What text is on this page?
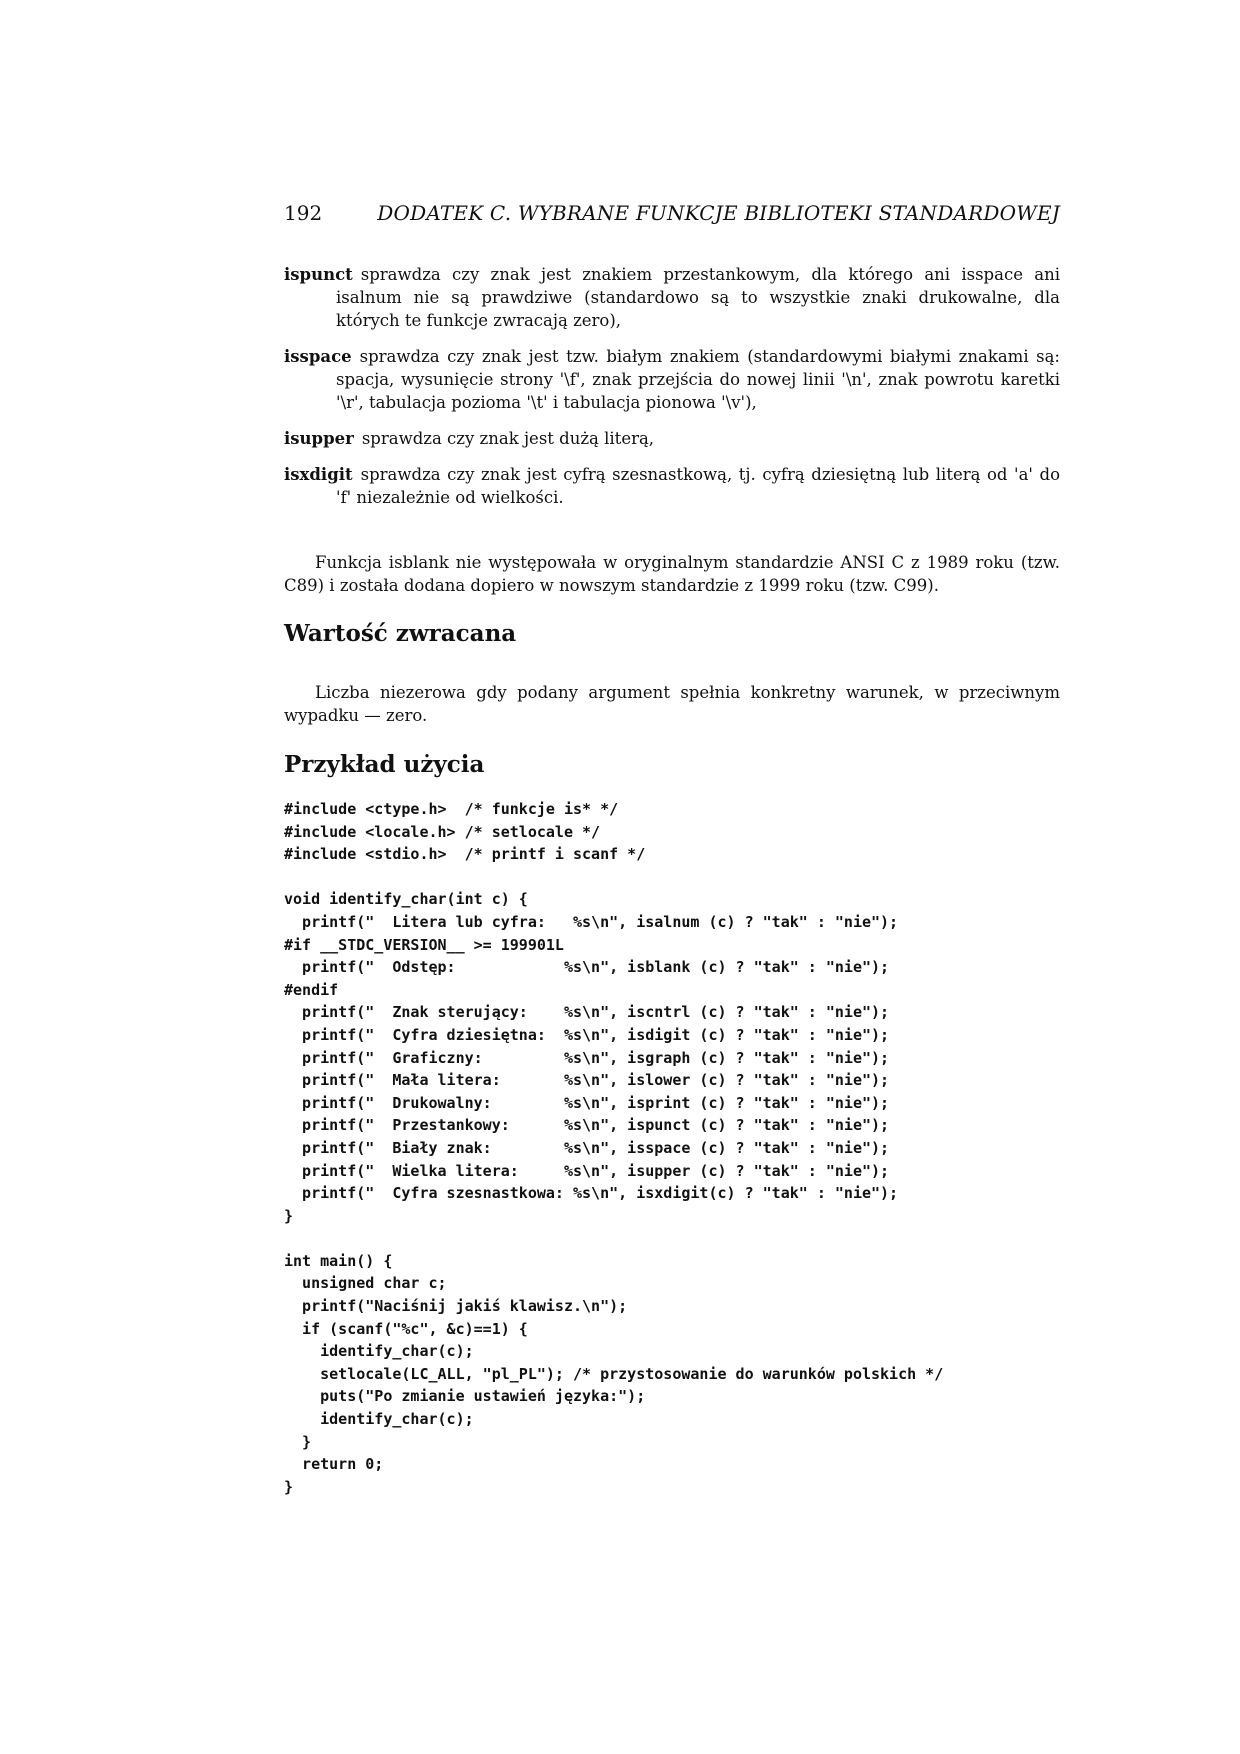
192	DODATEK C. WYBRANE FUNKCJE BIBLIOTEKI STANDARDOWEJ

ispunct sprawdza czy znak jest znakiem przestankowym, dla którego ani isspace ani isalnum nie są prawdziwe (standardowo są to wszystkie znaki drukowalne, dla których te funkcje zwracają zero),

isspace sprawdza czy znak jest tzw. białym znakiem (standardowymi białymi znakami są: spacja, wysunięcie strony '\f', znak przejścia do nowej linii '\n', znak powrotu karetki '\r', tabulacja pozioma '\t' i tabulacja pionowa '\v'),

isupper sprawdza czy znak jest dużą literą,

isxdigit sprawdza czy znak jest cyfrą szesnastkową, tj. cyfrą dziesiętną lub literą od 'a' do 'f' niezależnie od wielkości.

Funkcja isblank nie występowała w oryginalnym standardzie ANSI C z 1989 roku (tzw. C89) i została dodana dopiero w nowszym standardzie z 1999 roku (tzw. C99).

Wartość zwracana

Liczba niezerowa gdy podany argument spełnia konkretny warunek, w przeciwnym wypadku — zero.

Przykład użycia
#include <ctype.h>  /* funkcje is* */
#include <locale.h> /* setlocale */
#include <stdio.h>  /* printf i scanf */

void identify_char(int c) {
printf("  Litera lub cyfra:   %s\n", isalnum (c) ? "tak" : "nie");
#if __STDC_VERSION__ >= 199901L
printf("  Odstęp:            %s\n", isblank (c) ? "tak" : "nie");
#endif
printf("  Znak sterujący:    %s\n", iscntrl (c) ? "tak" : "nie");
printf("  Cyfra dziesiętna:  %s\n", isdigit (c) ? "tak" : "nie");
printf("  Graficzny:         %s\n", isgraph (c) ? "tak" : "nie");
printf("  Mała litera:       %s\n", islower (c) ? "tak" : "nie");
printf("  Drukowalny:        %s\n", isprint (c) ? "tak" : "nie");
printf("  Przestankowy:      %s\n", ispunct (c) ? "tak" : "nie");
printf("  Biały znak:        %s\n", isspace (c) ? "tak" : "nie");
printf("  Wielka litera:     %s\n", isupper (c) ? "tak" : "nie");
printf("  Cyfra szesnastkowa: %s\n", isxdigit(c) ? "tak" : "nie");
}

int main() {
unsigned char c;
printf("Naciśnij jakiś klawisz.\n");
if (scanf("%c", &c)==1) {
identify_char(c);
setlocale(LC_ALL, "pl_PL"); /* przystosowanie do warunków polskich */
puts("Po zmianie ustawień języka:");
identify_char(c);
}
return 0;
}
